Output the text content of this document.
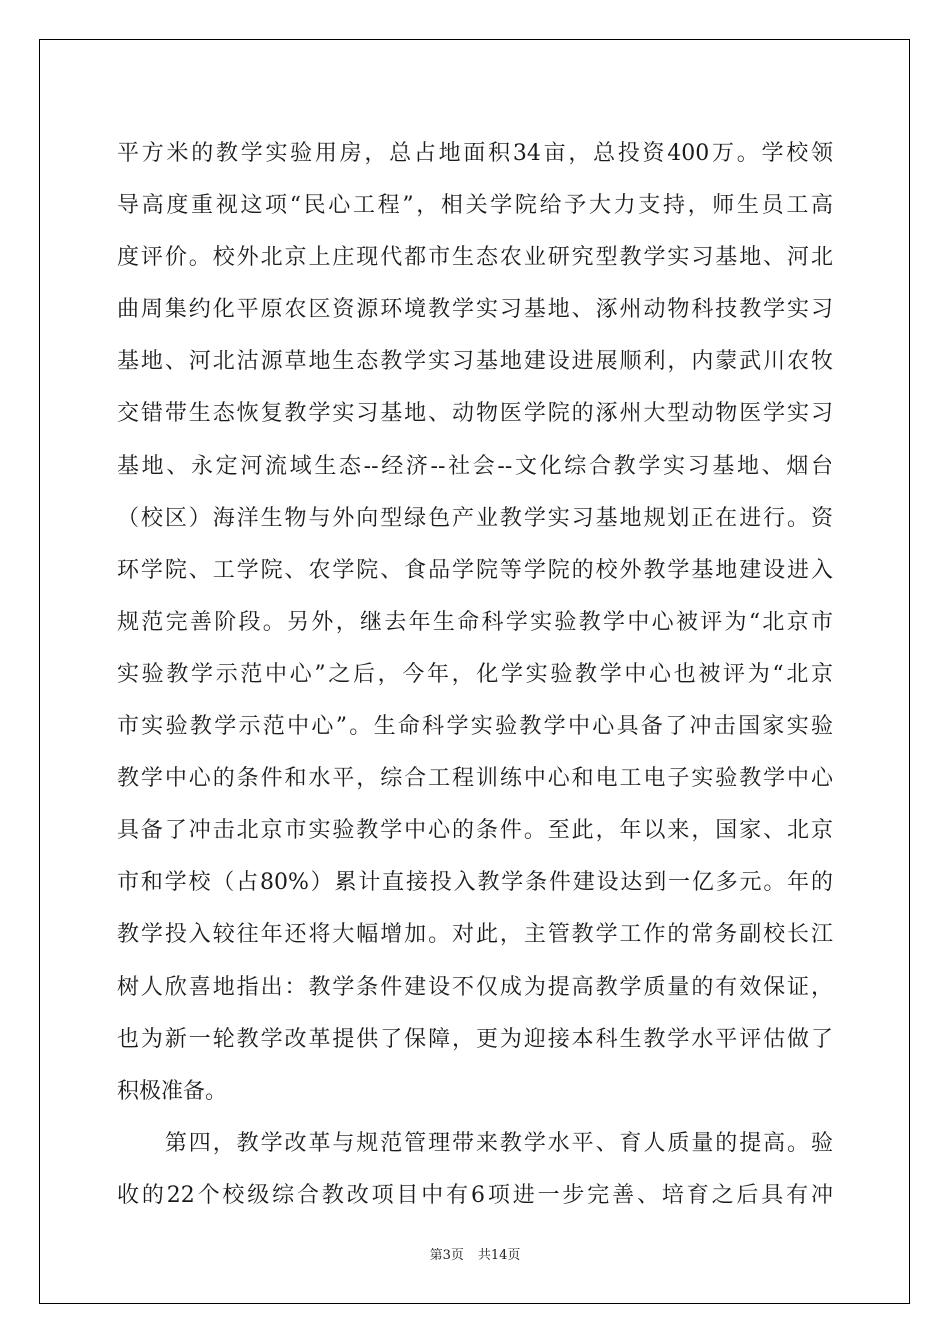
平方米的教学实验用房，总占地面积34亩，总投资400万。学校领
导高度重视这项“民心工程”，相关学院给予大力支持，师生员工高
度评价。校外北京上庄现代都市生态农业研究型教学实习基地、河北
曲周集约化平原农区资源环境教学实习基地、涿州动物科技教学实习
基地、河北沽源草地生态教学实习基地建设进展顺利，内蒙武川农牧
交错带生态恢复教学实习基地、动物医学院的涿州大型动物医学实习
基地、永定河流域生态--经济--社会--文化综合教学实习基地、烟台
（校区）海洋生物与外向型绿色产业教学实习基地规划正在进行。资
环学院、工学院、农学院、食品学院等学院的校外教学基地建设进入
规范完善阶段。另外，继去年生命科学实验教学中心被评为“北京市
实验教学示范中心”之后，今年，化学实验教学中心也被评为“北京
市实验教学示范中心”。生命科学实验教学中心具备了冲击国家实验
教学中心的条件和水平，综合工程训练中心和电工电子实验教学中心
具备了冲击北京市实验教学中心的条件。至此，年以来，国家、北京
市和学校（占80%）累计直接投入教学条件建设达到一亿多元。年的
教学投入较往年还将大幅增加。对此，主管教学工作的常务副校长江
树人欣喜地指出：教学条件建设不仅成为提高教学质量的有效保证，
也为新一轮教学改革提供了保障，更为迎接本科生教学水平评估做了
积极准备。
　　第四，教学改革与规范管理带来教学水平、育人质量的提高。验
收的22个校级综合教改项目中有6项进一步完善、培育之后具有冲
第3页 共14页
